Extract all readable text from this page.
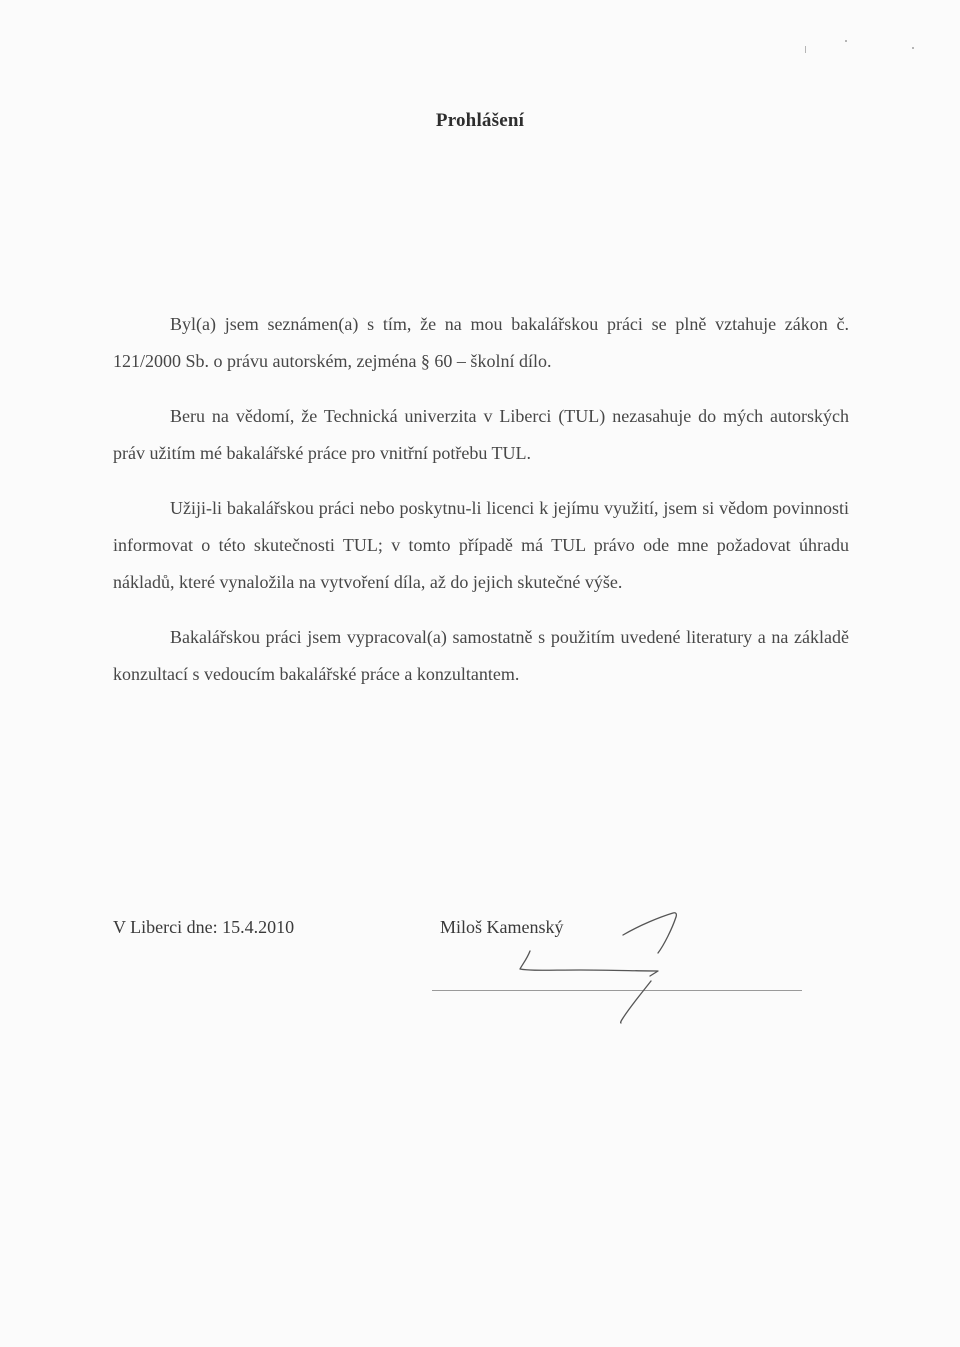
Prohlášení

Byl(a) jsem seznámen(a) s tím, že na mou bakalářskou práci se plně vztahuje zákon č. 121/2000 Sb. o právu autorském, zejména § 60 – školní dílo.

Beru na vědomí, že Technická univerzita v Liberci (TUL) nezasahuje do mých autorských práv užitím mé bakalářské práce pro vnitřní potřebu TUL.

Užiji-li bakalářskou práci nebo poskytnu-li licenci k jejímu využití, jsem si vědom povinnosti informovat o této skutečnosti TUL; v tomto případě má TUL právo ode mne požadovat úhradu nákladů, které vynaložila na vytvoření díla, až do jejich skutečné výše.

Bakalářskou práci jsem vypracoval(a) samostatně s použitím uvedené literatury a na základě konzultací s vedoucím bakalářské práce a konzultantem.

V Liberci dne: 15.4.2010	Miloš Kamenský
